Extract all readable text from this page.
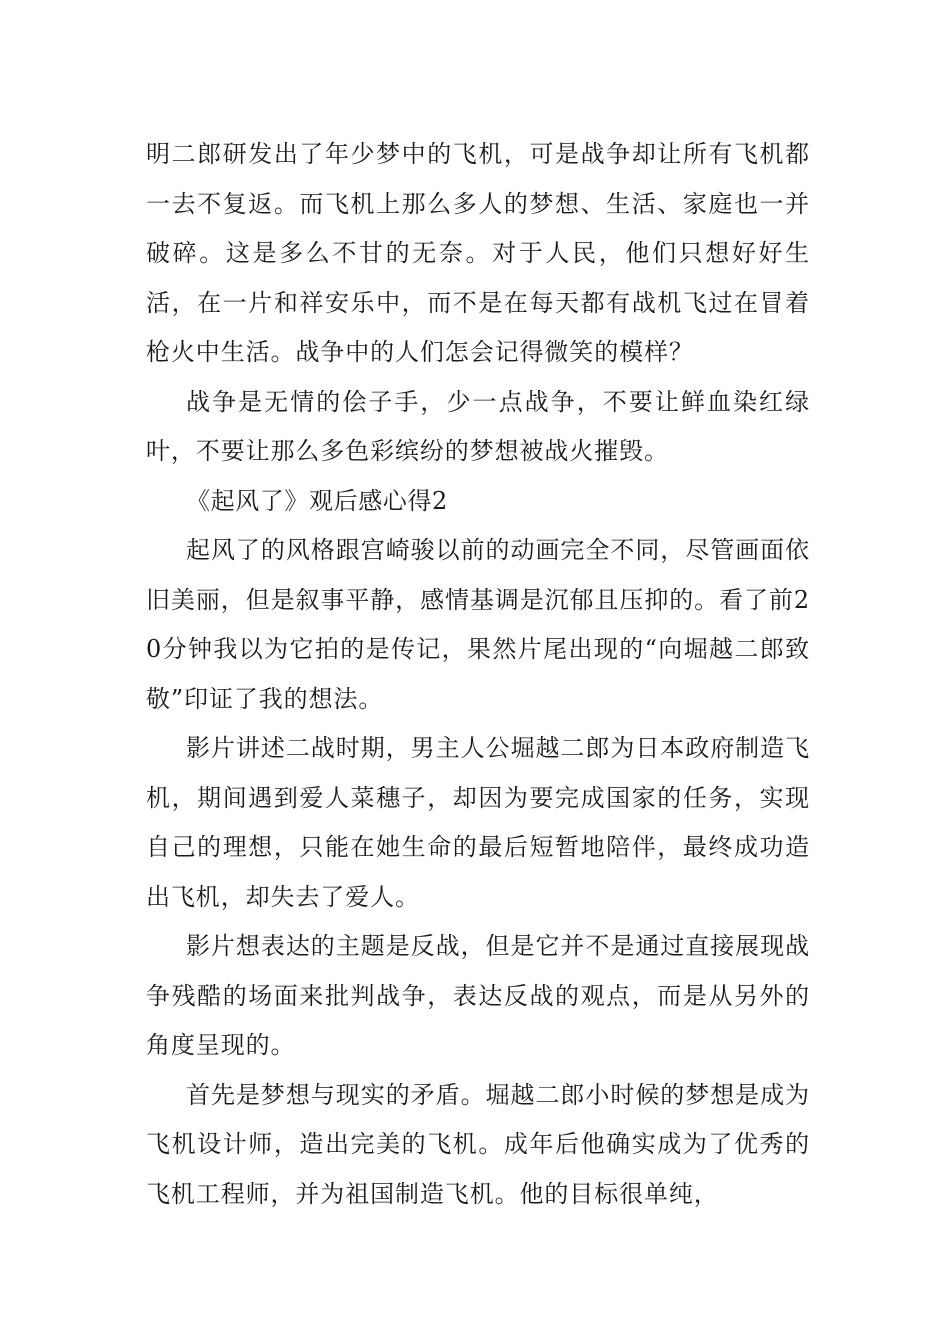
明二郎研发出了年少梦中的飞机，可是战争却让所有飞机都一去不复返。而飞机上那么多人的梦想、生活、家庭也一并破碎。这是多么不甘的无奈。对于人民，他们只想好好生活，在一片和祥安乐中，而不是在每天都有战机飞过在冒着枪火中生活。战争中的人们怎会记得微笑的模样？

战争是无情的侩子手，少一点战争，不要让鲜血染红绿叶，不要让那么多色彩缤纷的梦想被战火摧毁。

《起风了》观后感心得2

起风了的风格跟宫崎骏以前的动画完全不同，尽管画面依旧美丽，但是叙事平静，感情基调是沉郁且压抑的。看了前20分钟我以为它拍的是传记，果然片尾出现的“向堀越二郎致敬”印证了我的想法。

影片讲述二战时期，男主人公堀越二郎为日本政府制造飞机，期间遇到爱人菜穗子，却因为要完成国家的任务，实现自己的理想，只能在她生命的最后短暂地陪伴，最终成功造出飞机，却失去了爱人。

影片想表达的主题是反战，但是它并不是通过直接展现战争残酷的场面来批判战争，表达反战的观点，而是从另外的角度呈现的。

首先是梦想与现实的矛盾。堀越二郎小时候的梦想是成为飞机设计师，造出完美的飞机。成年后他确实成为了优秀的飞机工程师，并为祖国制造飞机。他的目标很单纯，
